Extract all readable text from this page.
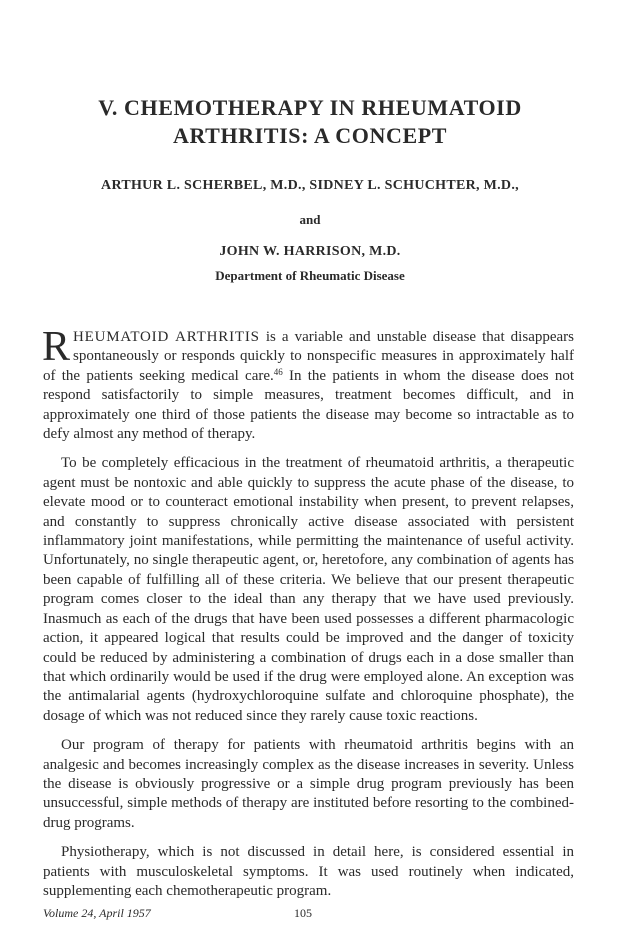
V. CHEMOTHERAPY IN RHEUMATOID
ARTHRITIS: A CONCEPT
ARTHUR L. SCHERBEL, M.D., SIDNEY L. SCHUCHTER, M.D.,
and
JOHN W. HARRISON, M.D.
Department of Rheumatic Disease

RHEUMATOID ARTHRITIS is a variable and unstable disease that disappears spontaneously or responds quickly to nonspecific measures in approximately half of the patients seeking medical care.$^{46}$ In the patients in whom the disease does not respond satisfactorily to simple measures, treatment becomes difficult, and in approximately one third of those patients the disease may become so intractable as to defy almost any method of therapy.

To be completely efficacious in the treatment of rheumatoid arthritis, a therapeutic agent must be nontoxic and able quickly to suppress the acute phase of the disease, to elevate mood or to counteract emotional instability when present, to prevent relapses, and constantly to suppress chronically active disease associated with persistent inflammatory joint manifestations, while permitting the maintenance of useful activity. Unfortunately, no single therapeutic agent, or, heretofore, any combination of agents has been capable of fulfilling all of these criteria. We believe that our present therapeutic program comes closer to the ideal than any therapy that we have used previously. Inasmuch as each of the drugs that have been used possesses a different pharmacologic action, it appeared logical that results could be improved and the danger of toxicity could be reduced by administering a combination of drugs each in a dose smaller than that which ordinarily would be used if the drug were employed alone. An exception was the antimalarial agents (hydroxychloroquine sulfate and chloroquine phosphate), the dosage of which was not reduced since they rarely cause toxic reactions.

Our program of therapy for patients with rheumatoid arthritis begins with an analgesic and becomes increasingly complex as the disease increases in severity. Unless the disease is obviously progressive or a simple drug program previously has been unsuccessful, simple methods of therapy are instituted before resorting to the combined-drug programs.

Physiotherapy, which is not discussed in detail here, is considered essential in patients with musculoskeletal symptoms. It was used routinely when indicated, supplementing each chemotherapeutic program.

Volume 24, April 1957	105
